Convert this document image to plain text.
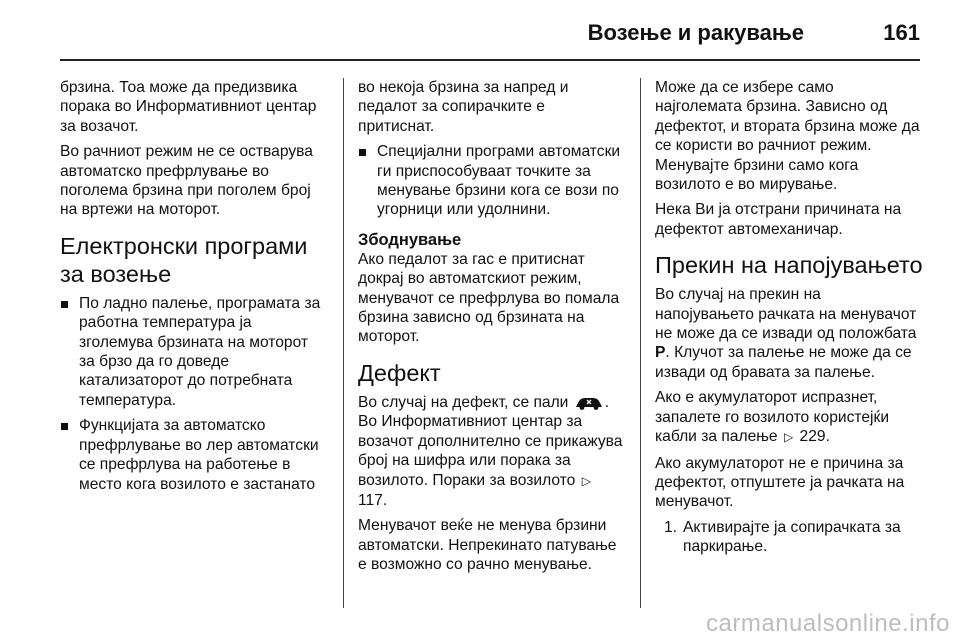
Возење и ракување	161

брзина. Тоа може да предизвика порака во Информативниот центар за возачот.

Во рачниот режим не се остварува автоматско префрлување во поголема брзина при поголем број на вртежи на моторот.

Електронски програми за возење
По ладно палење, програмата за работна температура ја зголемува брзината на моторот за брзо да го доведе катализаторот до потребната температура.
Функцијата за автоматско префрлување во лер автоматски се префрлува на работење в место кога возилото е застанато

во некоја брзина за напред и педалот за сопирачките е притиснат.

Специјални програми автоматски ги приспособуваат точките за менување брзини кога се вози по угорници или удолнини.
Збоднување

Ако педалот за гас е притиснат докрај во автоматскиот режим, менувачот се префрлува во помала брзина зависно од брзината на моторот.

Дефект

Во случај на дефект, се пали . Во Информативниот центар за возачот дополнително се прикажува број на шифра или порака за возилото. Пораки за возилото ▷ 117.

Менувачот веќе не менува брзини автоматски. Непрекинато патување е возможно со рачно менување.

Може да се избере само најголемата брзина. Зависно од дефектот, и втората брзина може да се користи во рачниот режим. Менувајте брзини само кога возилото е во мирување.

Нека Ви ја отстрани причината на дефектот автомеханичар.

Прекин на напојувањето

Во случај на прекин на напојувањето рачката на менувачот не може да се извади од положбата P. Клучот за палење не може да се извади од бравата за палење.

Ако е акумулаторот испразнет, запалете го возилото користејќи кабли за палење ▷ 229.

Ако акумулаторот не е причина за дефектот, отпуштете ја рачката на менувачот.

1. Активирајте ја сопирачката за паркирање.
carmanualsonline.info
